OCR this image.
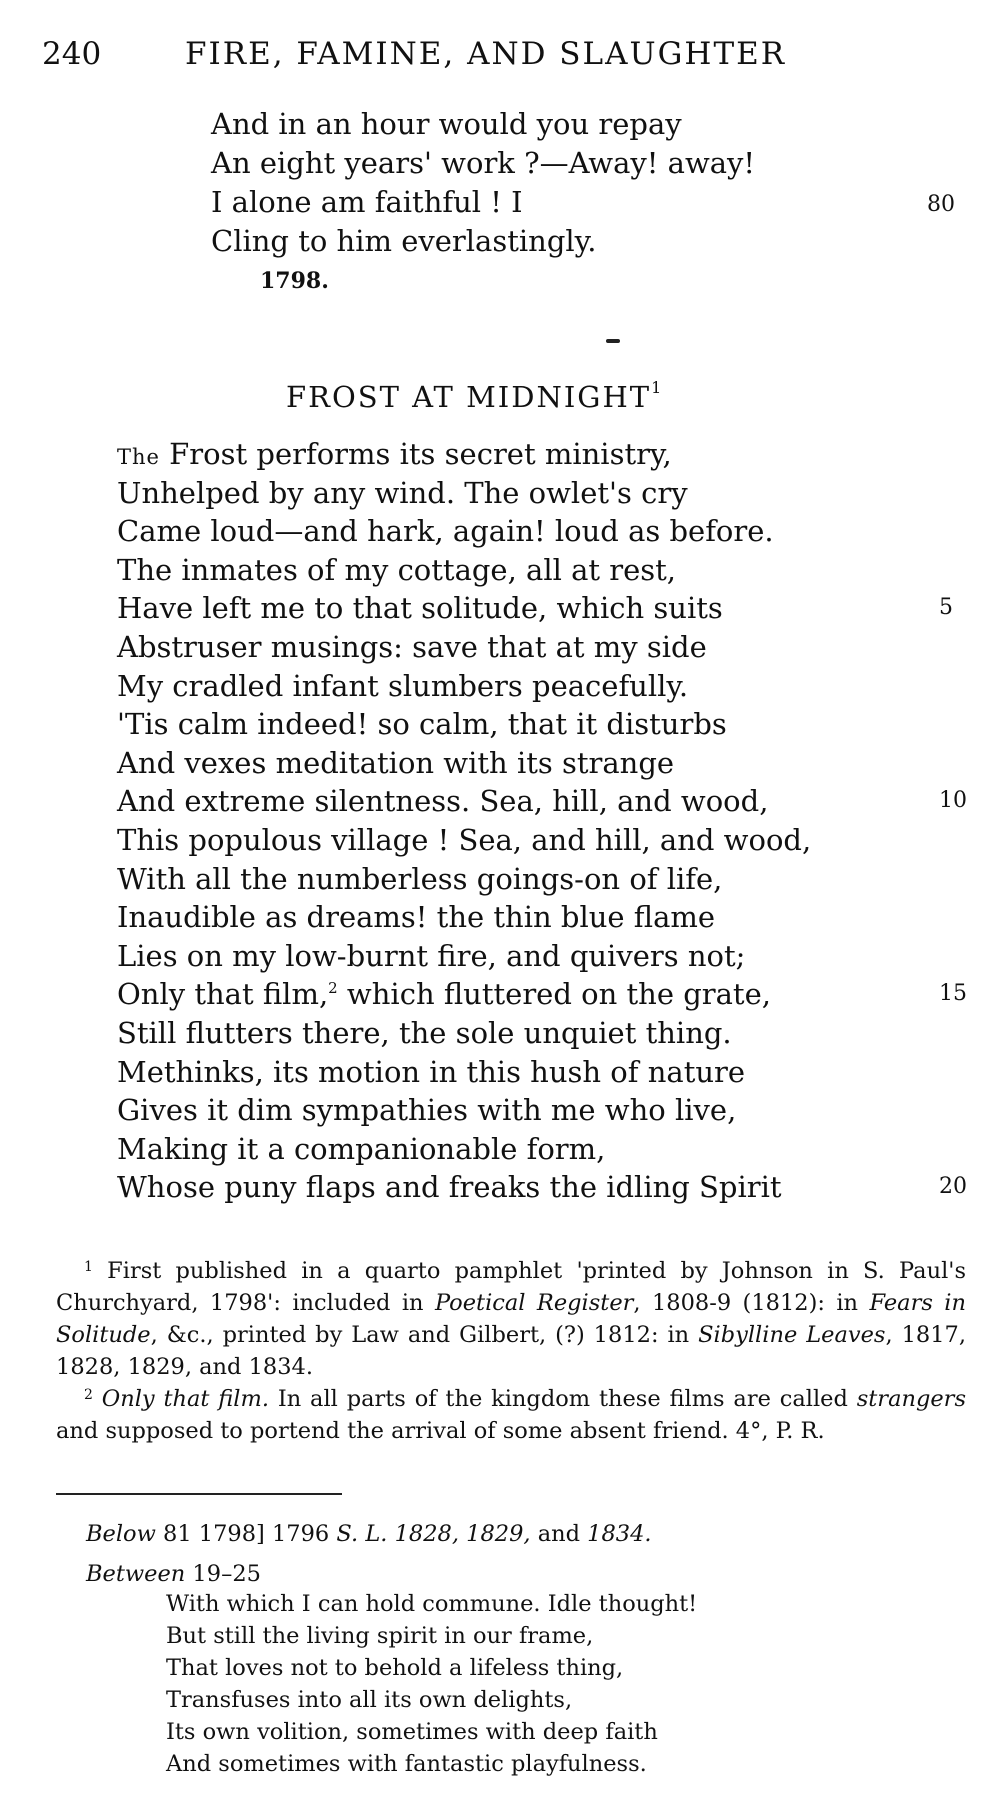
240	FIRE, FAMINE, AND SLAUGHTER
And in an hour would you repay
An eight years' work ?—Away! away!
I alone am faithful ! I	80
Cling to him everlastingly.
1798.
FROST AT MIDNIGHT$^1$
The Frost performs its secret ministry,
Unhelped by any wind. The owlet's cry
Came loud—and hark, again! loud as before.
The inmates of my cottage, all at rest,
Have left me to that solitude, which suits	5
Abstruser musings: save that at my side
My cradled infant slumbers peacefully.
'Tis calm indeed! so calm, that it disturbs
And vexes meditation with its strange
And extreme silentness. Sea, hill, and wood,	10
This populous village ! Sea, and hill, and wood,
With all the numberless goings-on of life,
Inaudible as dreams! the thin blue flame
Lies on my low-burnt fire, and quivers not;
Only that film,$^2$ which fluttered on the grate,	15
Still flutters there, the sole unquiet thing.
Methinks, its motion in this hush of nature
Gives it dim sympathies with me who live,
Making it a companionable form,
Whose puny flaps and freaks the idling Spirit	20

$^1$ First published in a quarto pamphlet 'printed by Johnson in S. Paul's Churchyard, 1798': included in Poetical Register, 1808-9 (1812): in Fears in Solitude, &c., printed by Law and Gilbert, (?) 1812: in Sibylline Leaves, 1817, 1828, 1829, and 1834.

$^2$ Only that film. In all parts of the kingdom these films are called strangers and supposed to portend the arrival of some absent friend. 4°, P. R.

Below 81 1798] 1796 S. L. 1828, 1829, and 1834.
Between 19–25
With which I can hold commune. Idle thought!
But still the living spirit in our frame,
That loves not to behold a lifeless thing,
Transfuses into all its own delights,
Its own volition, sometimes with deep faith
And sometimes with fantastic playfulness.
